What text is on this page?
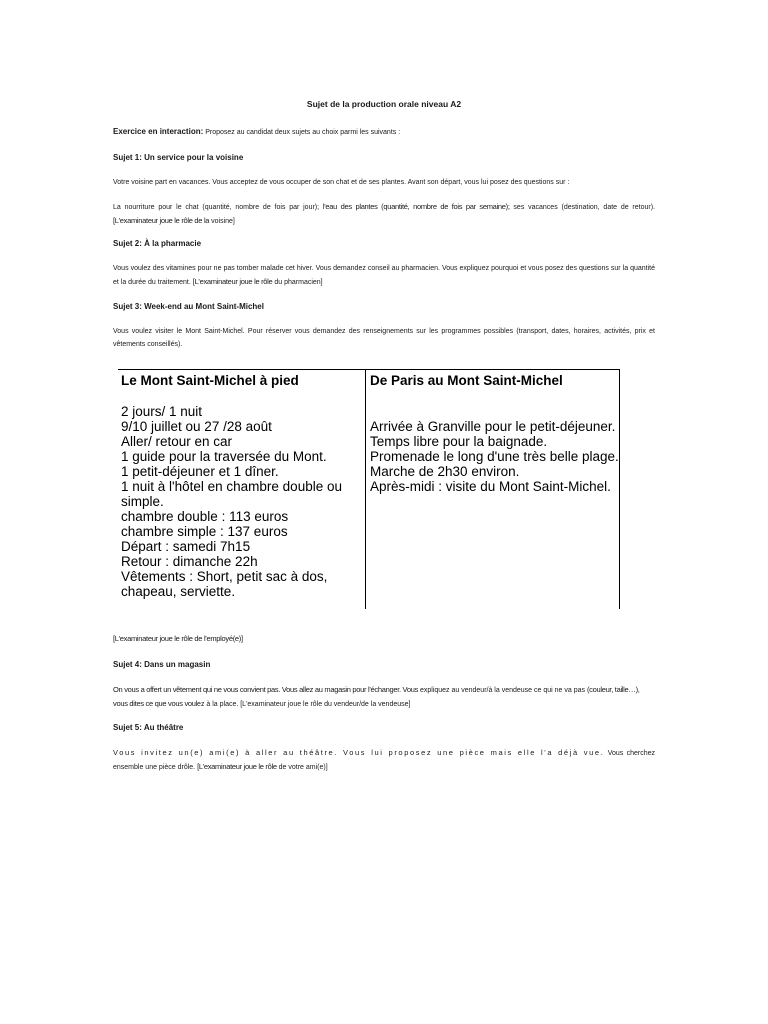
Sujet de la production orale niveau A2
Exercice en interaction: Proposez au candidat deux sujets au choix parmi les suivants :
Sujet 1: Un service pour la voisine
Votre voisine part en vacances. Vous acceptez de vous occuper de son chat et de ses plantes. Avant son départ, vous lui posez des questions sur :
La nourriture pour le chat (quantité, nombre de fois par jour); l'eau des plantes (quantité, nombre de fois par semaine); ses vacances (destination, date de retour). [L'examinateur joue le rôle de la voisine]
Sujet 2: À la pharmacie
Vous voulez des vitamines pour ne pas tomber malade cet hiver. Vous demandez conseil au pharmacien. Vous expliquez pourquoi et vous posez des questions sur la quantité et la durée du traitement. [L'examinateur joue le rôle du pharmacien]
Sujet 3: Week-end au Mont Saint-Michel
Vous voulez visiter le Mont Saint-Michel. Pour réserver vous demandez des renseignements sur les programmes possibles (transport, dates, horaires, activités, prix et vêtements conseillés).
Le Mont Saint-Michel à pied
2 jours/ 1 nuit
9/10 juillet ou 27 /28 août
Aller/ retour en car
1 guide pour la traversée du Mont.
1 petit-déjeuner et 1 dîner.
1 nuit à l'hôtel en chambre double ou
simple.
chambre double : 113 euros
chambre simple : 137 euros
Départ : samedi 7h15
Retour : dimanche 22h
Vêtements : Short, petit sac à dos,
chapeau, serviette.
De Paris au Mont Saint-Michel
Arrivée à Granville pour le petit-déjeuner.
Temps libre pour la baignade.
Promenade le long d'une très belle plage.
Marche de 2h30 environ.
Après-midi : visite du Mont Saint-Michel.
[L'examinateur joue le rôle de l'employé(e)]
Sujet 4: Dans un magasin
On vous a offert un vêtement qui ne vous convient pas. Vous allez au magasin pour l'échanger. Vous expliquez au vendeur/à la vendeuse ce qui ne va pas (couleur, taille…), vous dites ce que vous voulez à la place. [L'examinateur joue le rôle du vendeur/de la vendeuse]
Sujet 5: Au théâtre
Vous invitez un(e) ami(e) à aller au théâtre. Vous lui proposez une pièce mais elle l'a déjà vue. Vous cherchez ensemble une pièce drôle. [L'examinateur joue le rôle de votre ami(e)]
